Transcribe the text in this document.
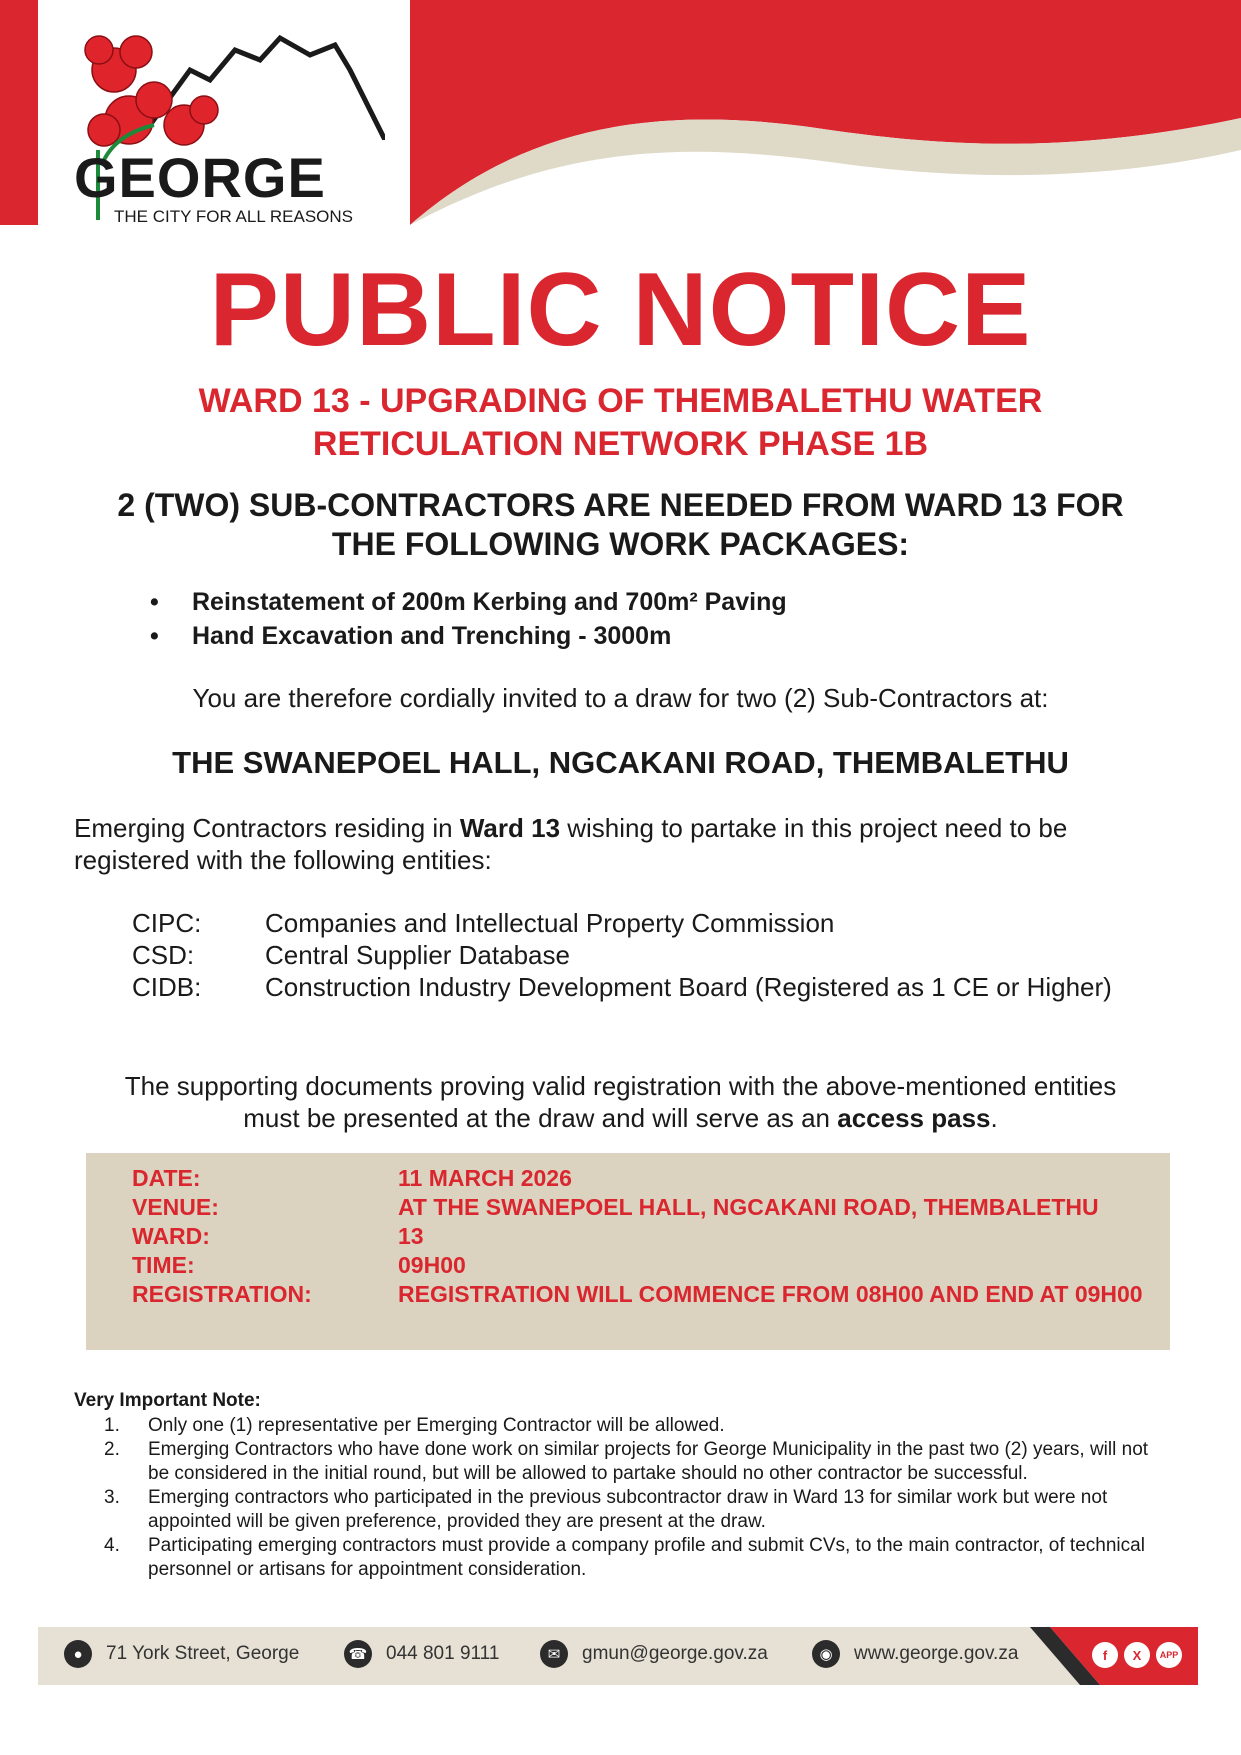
GEORGE
THE CITY FOR ALL REASONS
PUBLIC NOTICE
WARD 13 - UPGRADING OF THEMBALETHU WATER
RETICULATION NETWORK PHASE 1B
2 (TWO) SUB-CONTRACTORS ARE NEEDED FROM WARD 13 FOR
THE FOLLOWING WORK PACKAGES:
• Reinstatement of 200m Kerbing and 700m² Paving
• Hand Excavation and Trenching - 3000m
You are therefore cordially invited to a draw for two (2) Sub-Contractors at:
THE SWANEPOEL HALL, NGCAKANI ROAD, THEMBALETHU
Emerging Contractors residing in Ward 13 wishing to partake in this project need to be registered with the following entities:
CIPC:	Companies and Intellectual Property Commission
CSD:	Central Supplier Database
CIDB:	Construction Industry Development Board (Registered as 1 CE or Higher)
The supporting documents proving valid registration with the above-mentioned entities
must be presented at the draw and will serve as an access pass.
DATE:	11 MARCH 2026
VENUE:	AT THE SWANEPOEL HALL, NGCAKANI ROAD, THEMBALETHU
WARD:	13
TIME:	09H00
REGISTRATION:	REGISTRATION WILL COMMENCE FROM 08H00 AND END AT 09H00
Very Important Note:
1.	Only one (1) representative per Emerging Contractor will be allowed.
2.	Emerging Contractors who have done work on similar projects for George Municipality in the past two (2) years, will not be considered in the initial round, but will be allowed to partake should no other contractor be successful.
3.	Emerging contractors who participated in the previous subcontractor draw in Ward 13 for similar work but were not appointed will be given preference, provided they are present at the draw.
4.	Participating emerging contractors must provide a company profile and submit CVs, to the main contractor, of technical personnel or artisans for appointment consideration.
●	71 York Street, George	☎ 044 801 9111	✉	gmun@george.gov.za	◉	www.george.gov.za	f	X	APP
